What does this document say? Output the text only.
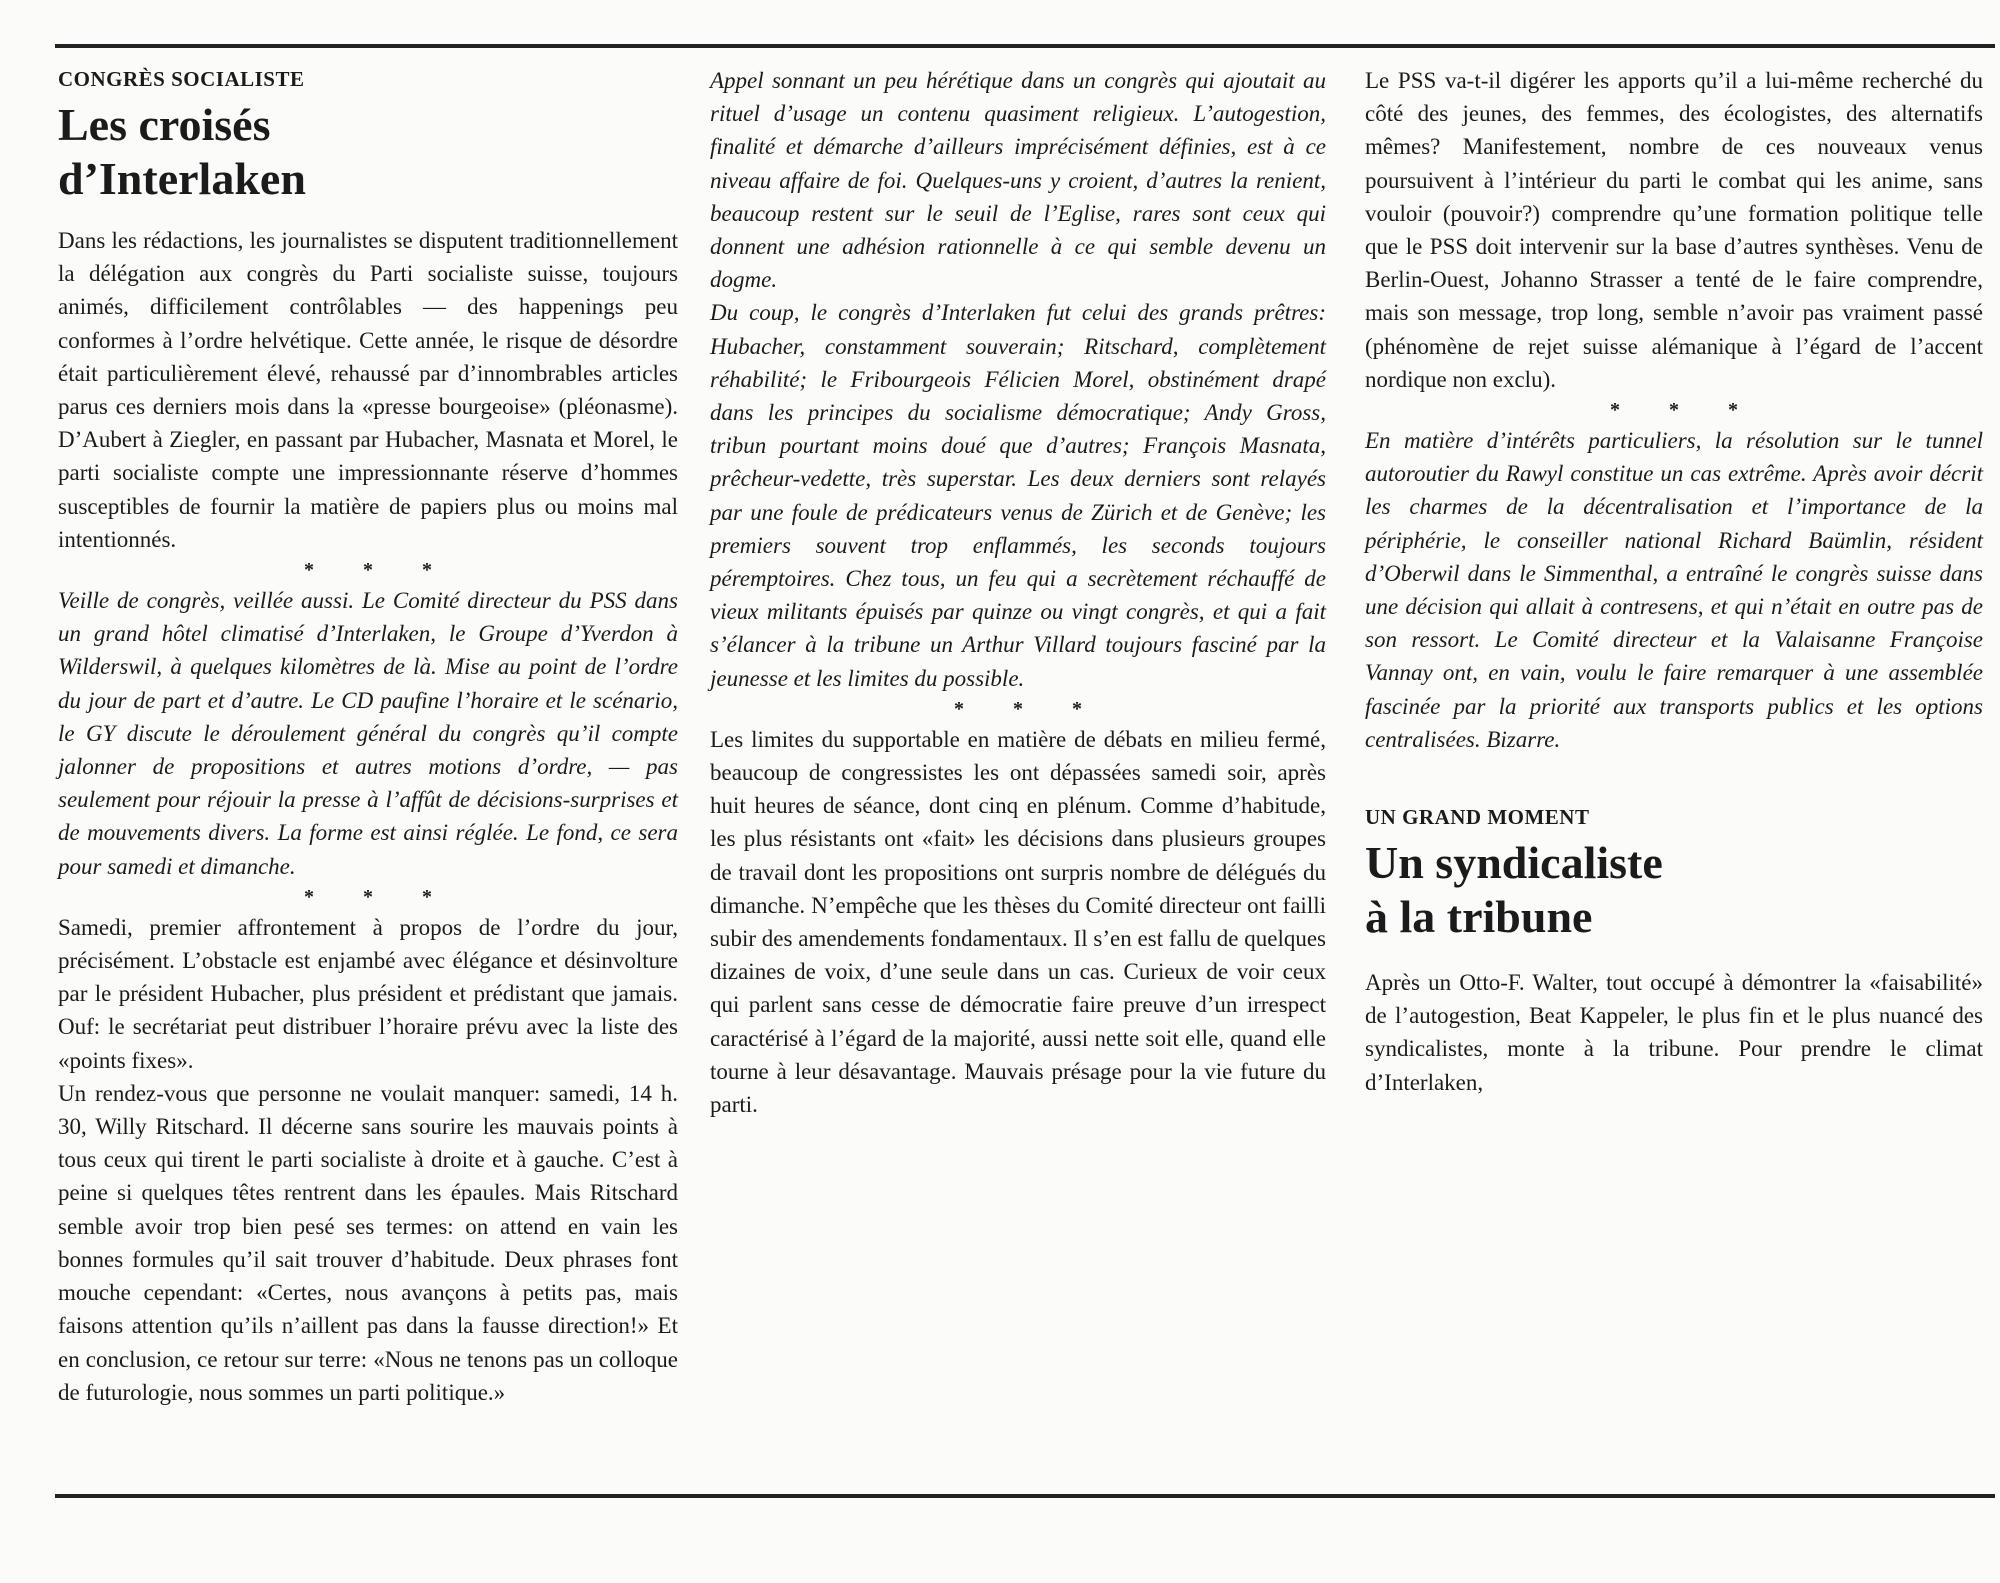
CONGRÈS SOCIALISTE
Les croisés
d’Interlaken

Dans les rédactions, les journalistes se disputent traditionnellement la délégation aux congrès du Parti socialiste suisse, toujours animés, difficilement contrôlables — des happenings peu conformes à l’ordre helvétique. Cette année, le risque de désordre était particulièrement élevé, rehaussé par d’innombrables articles parus ces derniers mois dans la «presse bourgeoise» (pléonasme). D’Aubert à Ziegler, en passant par Hubacher, Masnata et Morel, le parti socialiste compte une impressionnante réserve d’hommes susceptibles de fournir la matière de papiers plus ou moins mal intentionnés.

* * *

Veille de congrès, veillée aussi. Le Comité directeur du PSS dans un grand hôtel climatisé d’Interlaken, le Groupe d’Yverdon à Wilderswil, à quelques kilomètres de là. Mise au point de l’ordre du jour de part et d’autre. Le CD paufine l’horaire et le scénario, le GY discute le déroulement général du congrès qu’il compte jalonner de propositions et autres motions d’ordre, — pas seulement pour réjouir la presse à l’affût de décisions-surprises et de mouvements divers. La forme est ainsi réglée. Le fond, ce sera pour samedi et dimanche.

* * *

Samedi, premier affrontement à propos de l’ordre du jour, précisément. L’obstacle est enjambé avec élégance et désinvolture par le président Hubacher, plus président et prédistant que jamais. Ouf: le secrétariat peut distribuer l’horaire prévu avec la liste des «points fixes».

Un rendez-vous que personne ne voulait manquer: samedi, 14 h. 30, Willy Ritschard. Il décerne sans sourire les mauvais points à tous ceux qui tirent le parti socialiste à droite et à gauche. C’est à peine si quelques têtes rentrent dans les épaules. Mais Ritschard semble avoir trop bien pesé ses termes: on attend en vain les bonnes formules qu’il sait trouver d’habitude. Deux phrases font mouche cependant: «Certes, nous avançons à petits pas, mais faisons attention qu’ils n’aillent pas dans la fausse direction!» Et en conclusion, ce retour sur terre: «Nous ne tenons pas un colloque de futurologie, nous sommes un parti politique.»

Appel sonnant un peu hérétique dans un congrès qui ajoutait au rituel d’usage un contenu quasiment religieux. L’autogestion, finalité et démarche d’ailleurs imprécisément définies, est à ce niveau affaire de foi. Quelques-uns y croient, d’autres la renient, beaucoup restent sur le seuil de l’Eglise, rares sont ceux qui donnent une adhésion rationnelle à ce qui semble devenu un dogme.

Du coup, le congrès d’Interlaken fut celui des grands prêtres: Hubacher, constamment souverain; Ritschard, complètement réhabilité; le Fribourgeois Félicien Morel, obstinément drapé dans les principes du socialisme démocratique; Andy Gross, tribun pourtant moins doué que d’autres; François Masnata, prêcheur-vedette, très superstar. Les deux derniers sont relayés par une foule de prédicateurs venus de Zürich et de Genève; les premiers souvent trop enflammés, les seconds toujours péremptoires. Chez tous, un feu qui a secrètement réchauffé de vieux militants épuisés par quinze ou vingt congrès, et qui a fait s’élancer à la tribune un Arthur Villard toujours fasciné par la jeunesse et les limites du possible.

* * *

Les limites du supportable en matière de débats en milieu fermé, beaucoup de congressistes les ont dépassées samedi soir, après huit heures de séance, dont cinq en plénum. Comme d’habitude, les plus résistants ont «fait» les décisions dans plusieurs groupes de travail dont les propositions ont surpris nombre de délégués du dimanche. N’empêche que les thèses du Comité directeur ont failli subir des amendements fondamentaux. Il s’en est fallu de quelques dizaines de voix, d’une seule dans un cas. Curieux de voir ceux qui parlent sans cesse de démocratie faire preuve d’un irrespect caractérisé à l’égard de la majorité, aussi nette soit elle, quand elle tourne à leur désavantage. Mauvais présage pour la vie future du parti.

Le PSS va-t-il digérer les apports qu’il a lui-même recherché du côté des jeunes, des femmes, des écologistes, des alternatifs mêmes? Manifestement, nombre de ces nouveaux venus poursuivent à l’intérieur du parti le combat qui les anime, sans vouloir (pouvoir?) comprendre qu’une formation politique telle que le PSS doit intervenir sur la base d’autres synthèses. Venu de Berlin-Ouest, Johanno Strasser a tenté de le faire comprendre, mais son message, trop long, semble n’avoir pas vraiment passé (phénomène de rejet suisse alémanique à l’égard de l’accent nordique non exclu).

* * *

En matière d’intérêts particuliers, la résolution sur le tunnel autoroutier du Rawyl constitue un cas extrême. Après avoir décrit les charmes de la décentralisation et l’importance de la périphérie, le conseiller national Richard Baümlin, résident d’Oberwil dans le Simmenthal, a entraîné le congrès suisse dans une décision qui allait à contresens, et qui n’était en outre pas de son ressort. Le Comité directeur et la Valaisanne Françoise Vannay ont, en vain, voulu le faire remarquer à une assemblée fascinée par la priorité aux transports publics et les options centralisées. Bizarre.

UN GRAND MOMENT
Un syndicaliste
à la tribune

Après un Otto-F. Walter, tout occupé à démontrer la «faisabilité» de l’autogestion, Beat Kappeler, le plus fin et le plus nuancé des syndicalistes, monte à la tribune. Pour prendre le climat d’Interlaken,
